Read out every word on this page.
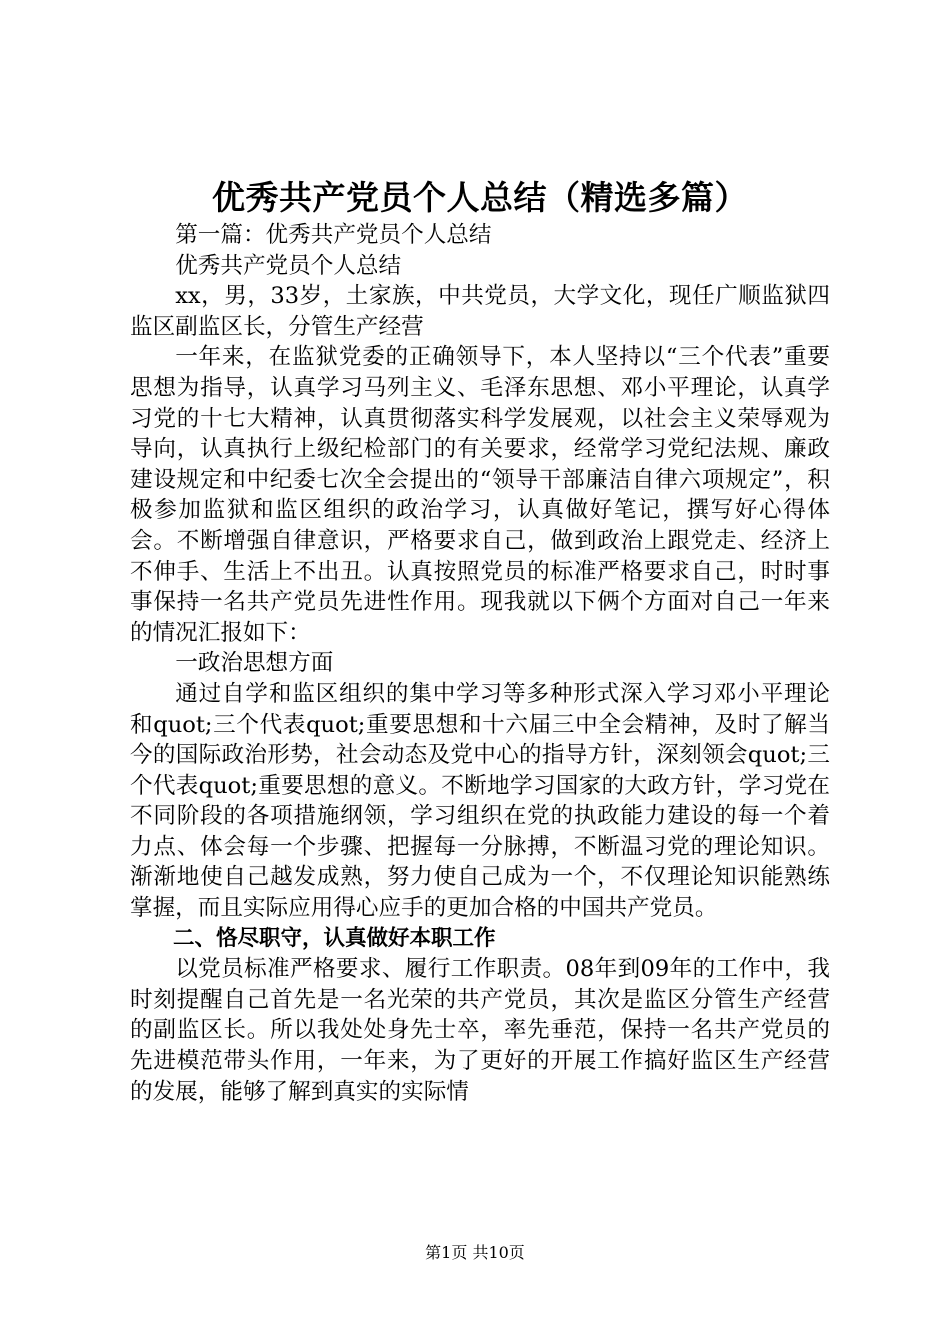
优秀共产党员个人总结（精选多篇）

第一篇：优秀共产党员个人总结

优秀共产党员个人总结

xx，男，33岁，土家族，中共党员，大学文化，现任广顺监狱四监区副监区长，分管生产经营

一年来，在监狱党委的正确领导下，本人坚持以“三个代表”重要思想为指导，认真学习马列主义、毛泽东思想、邓小平理论，认真学习党的十七大精神，认真贯彻落实科学发展观，以社会主义荣辱观为导向，认真执行上级纪检部门的有关要求，经常学习党纪法规、廉政建设规定和中纪委七次全会提出的“领导干部廉洁自律六项规定”，积极参加监狱和监区组织的政治学习，认真做好笔记，撰写好心得体会。不断增强自律意识，严格要求自己，做到政治上跟党走、经济上不伸手、生活上不出丑。认真按照党员的标准严格要求自己，时时事事保持一名共产党员先进性作用。现我就以下俩个方面对自己一年来的情况汇报如下：

一政治思想方面

通过自学和监区组织的集中学习等多种形式深入学习邓小平理论和quot;三个代表quot;重要思想和十六届三中全会精神，及时了解当今的国际政治形势，社会动态及党中心的指导方针，深刻领会quot;三个代表quot;重要思想的意义。不断地学习国家的大政方针，学习党在不同阶段的各项措施纲领，学习组织在党的执政能力建设的每一个着力点、体会每一个步骤、把握每一分脉搏，不断温习党的理论知识。渐渐地使自己越发成熟，努力使自己成为一个，不仅理论知识能熟练掌握，而且实际应用得心应手的更加合格的中国共产党员。

二、恪尽职守，认真做好本职工作

以党员标准严格要求、履行工作职责。08年到09年的工作中，我时刻提醒自己首先是一名光荣的共产党员，其次是监区分管生产经营的副监区长。所以我处处身先士卒，率先垂范，保持一名共产党员的先进模范带头作用，一年来，为了更好的开展工作搞好监区生产经营的发展，能够了解到真实的实际情

第1页 共10页
